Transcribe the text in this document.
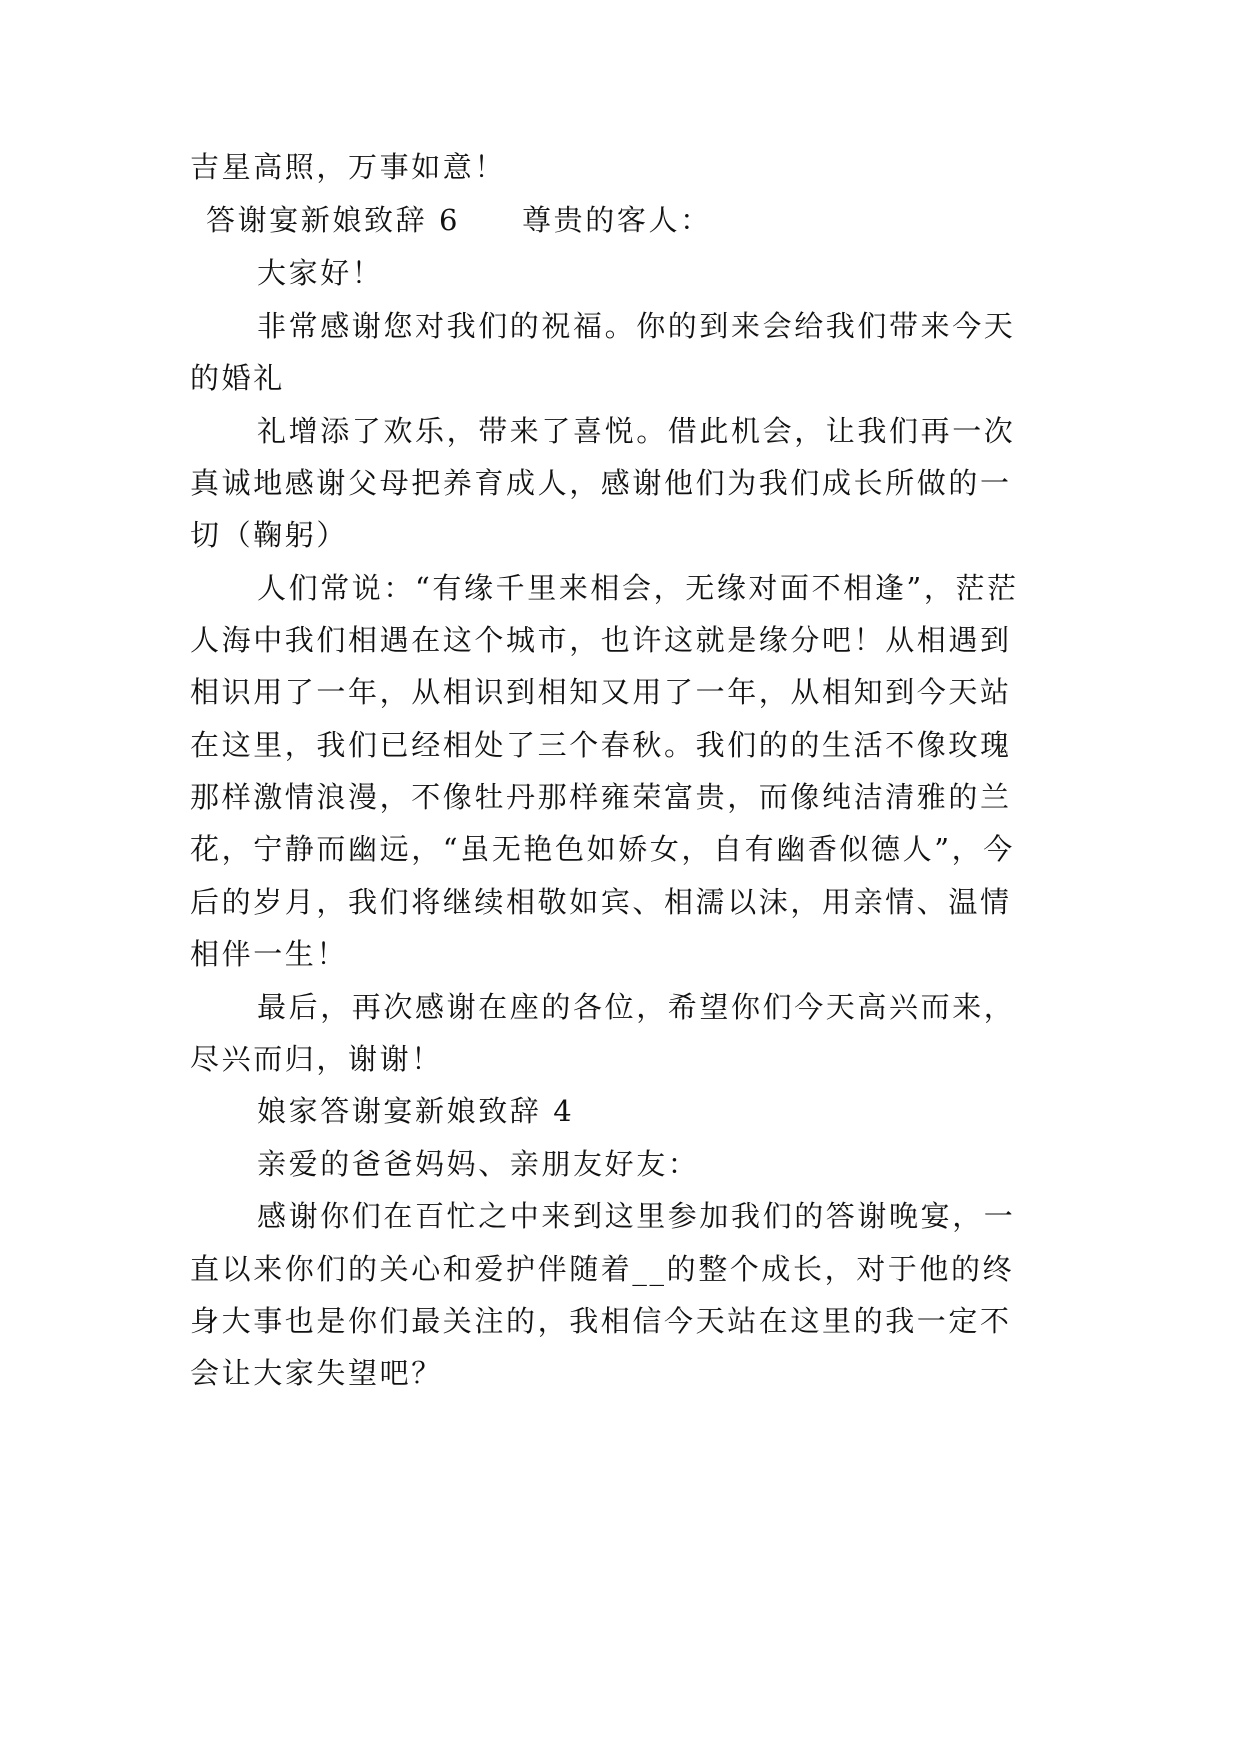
吉星高照，万事如意！
答谢宴新娘致辞 6 尊贵的客人：
大家好！
非常感谢您对我们的祝福。你的到来会给我们带来今天
的婚礼
礼增添了欢乐，带来了喜悦。借此机会，让我们再一次
真诚地感谢父母把养育成人，感谢他们为我们成长所做的一
切（鞠躬）
人们常说：“有缘千里来相会，无缘对面不相逢”，茫茫
人海中我们相遇在这个城市，也许这就是缘分吧！从相遇到
相识用了一年，从相识到相知又用了一年，从相知到今天站
在这里，我们已经相处了三个春秋。我们的的生活不像玫瑰
那样激情浪漫，不像牡丹那样雍荣富贵，而像纯洁清雅的兰
花，宁静而幽远，“虽无艳色如娇女，自有幽香似德人”，今
后的岁月，我们将继续相敬如宾、相濡以沫，用亲情、温情
相伴一生！
最后，再次感谢在座的各位，希望你们今天高兴而来，
尽兴而归，谢谢！
娘家答谢宴新娘致辞 4
亲爱的爸爸妈妈、亲朋友好友：
感谢你们在百忙之中来到这里参加我们的答谢晚宴，一
直以来你们的关心和爱护伴随着__的整个成长，对于他的终
身大事也是你们最关注的，我相信今天站在这里的我一定不
会让大家失望吧？
